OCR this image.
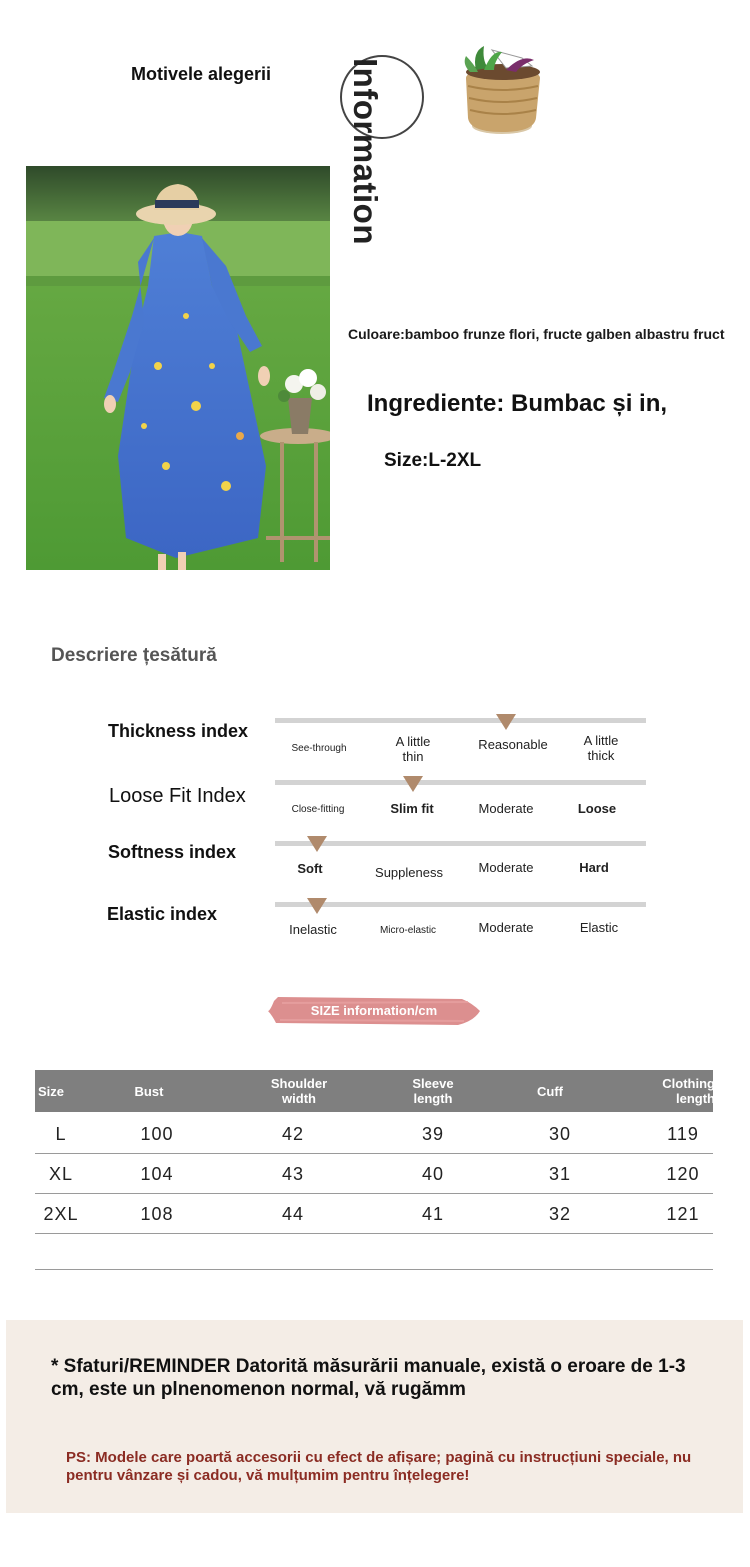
Motivele alegerii Information
Culoare:bamboo frunze flori, fructe galben albastru fruct
Ingrediente: Bumbac și in,
Size:L-2XL
Descriere țesătură
Thickness index
See-through	A little
thin
Reasonable	A little
thick
Loose Fit Index
Close-fitting	Slim fit	Moderate	Loose
Softness index
Soft	Suppleness	Moderate	Hard
Elastic index
Inelastic	Micro-elastic	Moderate	Elastic
SIZE information/cm
Size	Bust	Shoulder
width
Sleeve
length	Cuff	Clothing
length
L	100	42	39	30	119
XL	104	43	40	31	120
2XL	108	44	41	32	121
* Sfaturi/REMINDER Datorită măsurării manuale, există o eroare de 1-3 cm, este un plnenomenon normal, vă rugămm
PS: Modele care poartă accesorii cu efect de afișare; pagină cu instrucțiuni speciale, nu pentru vânzare și cadou, vă mulțumim pentru înțelegere!
